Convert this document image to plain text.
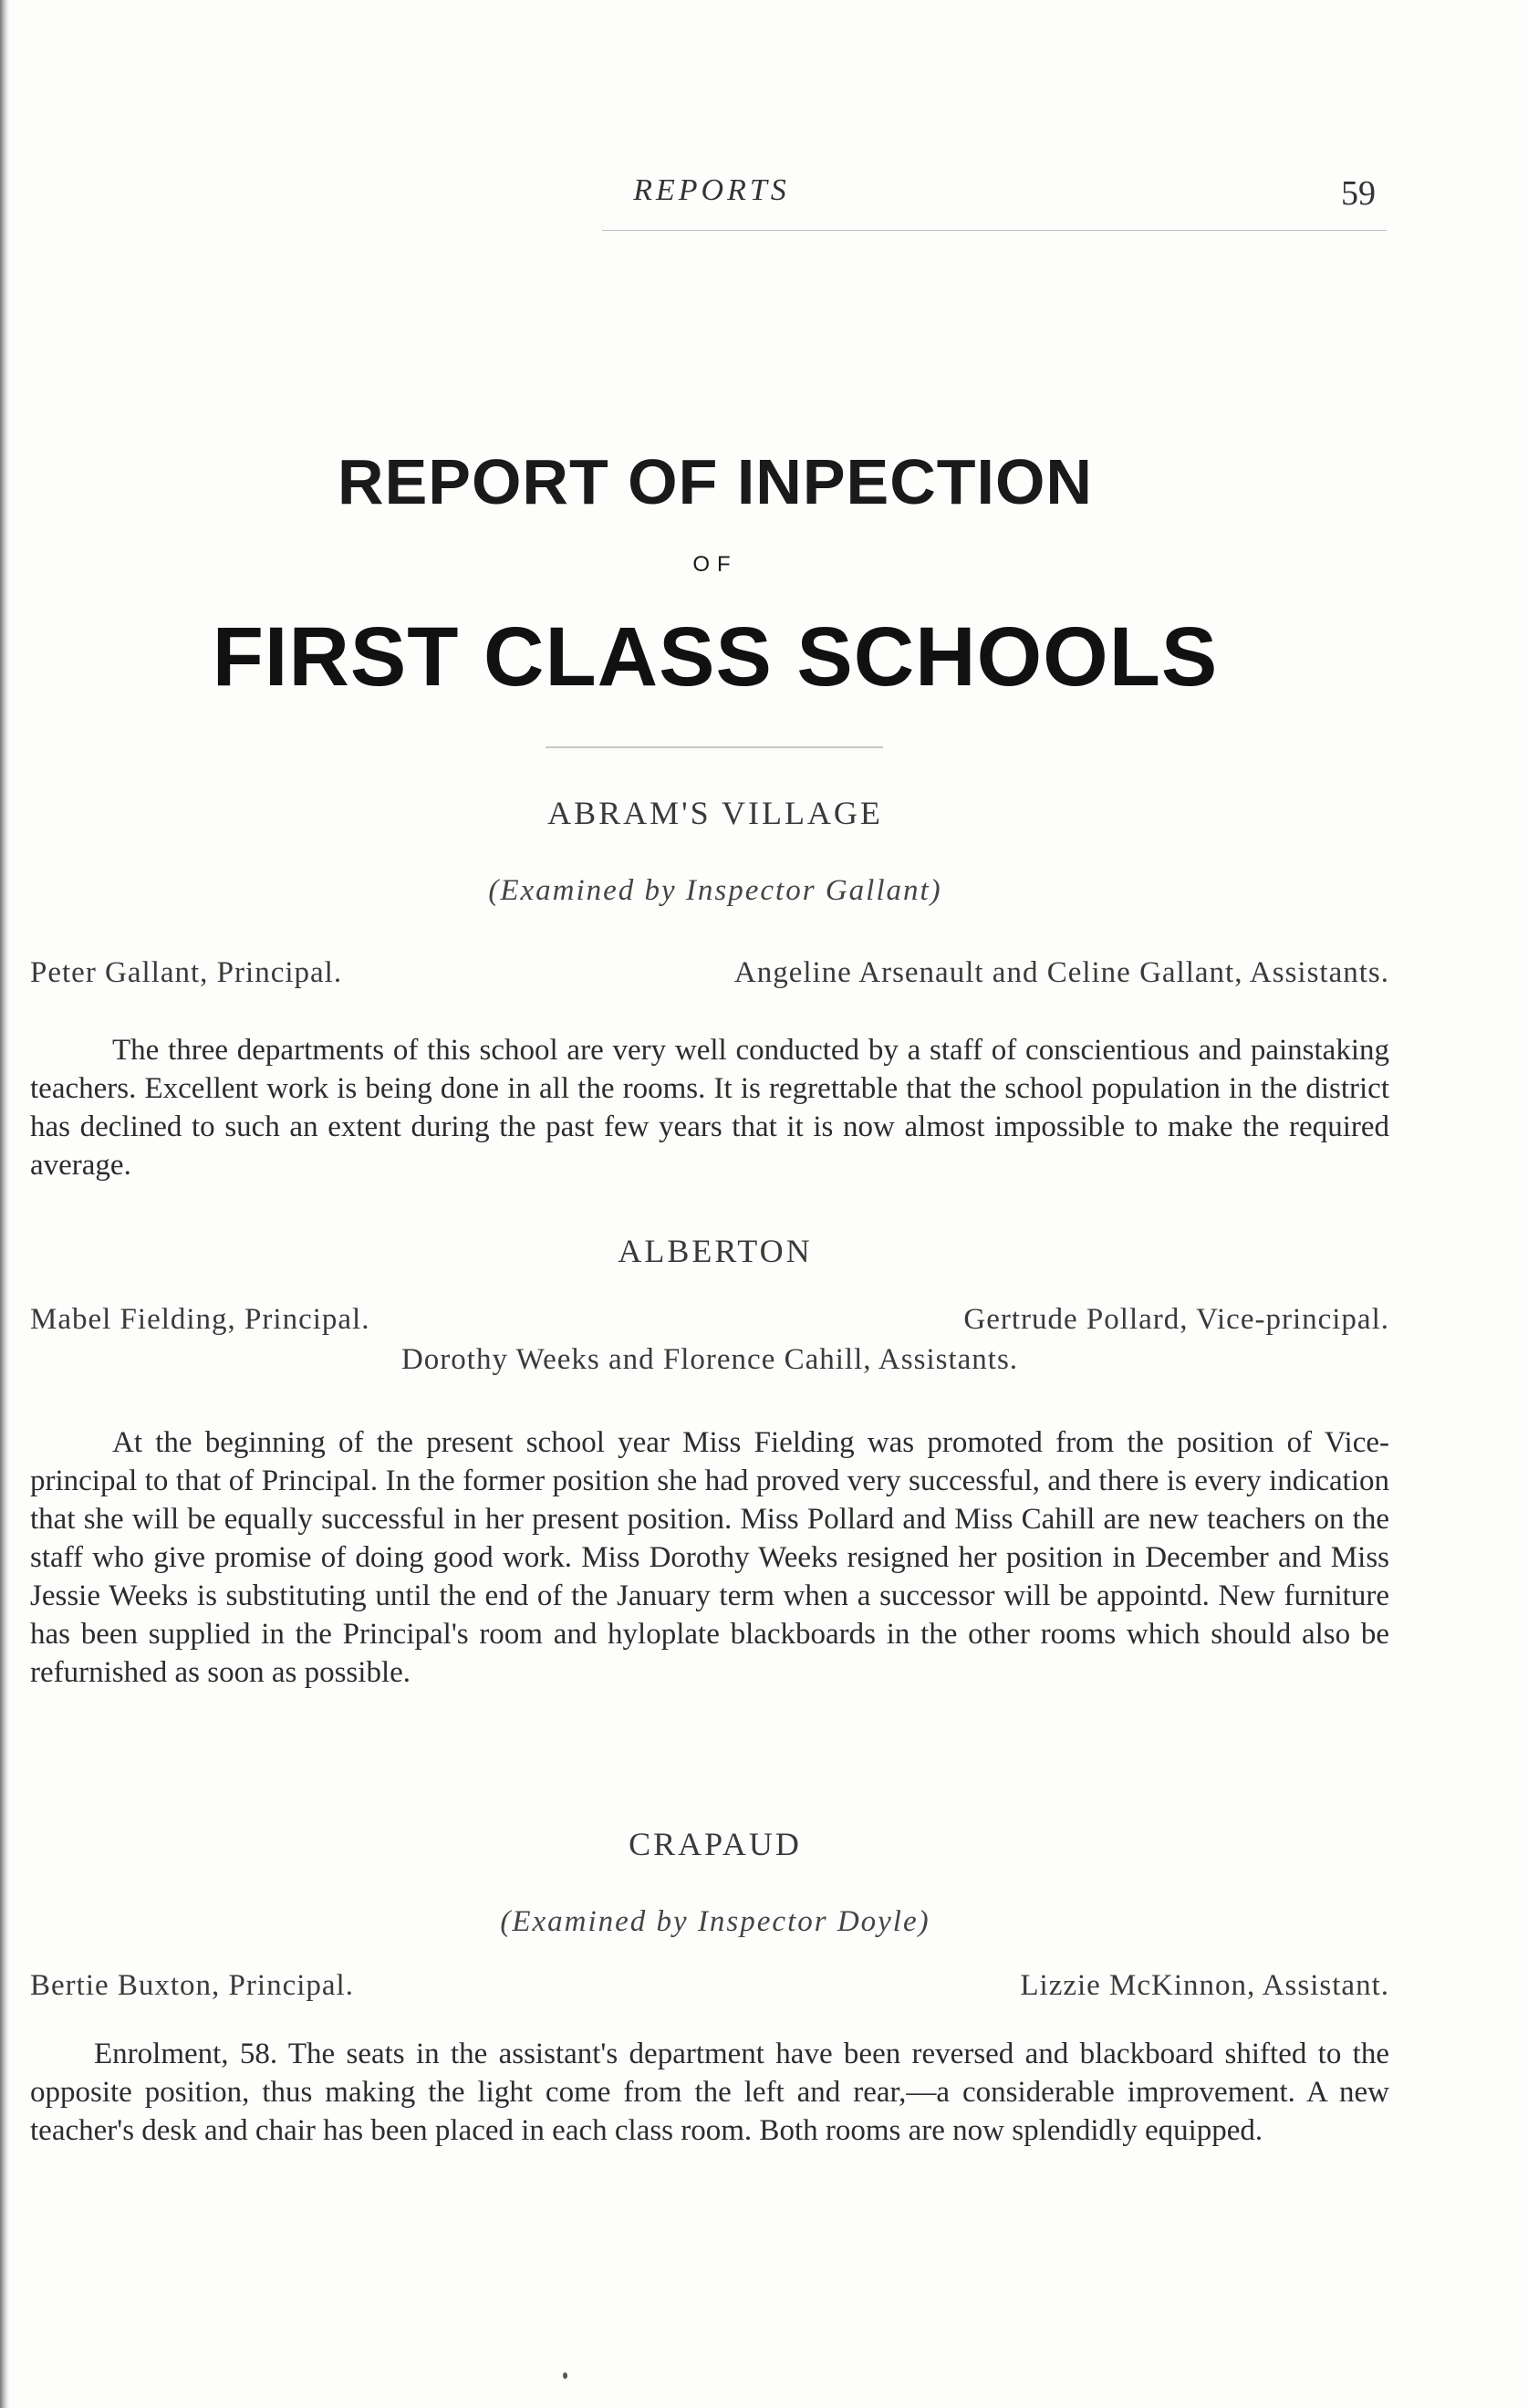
REPORTS	59
REPORT OF INPECTION
OF
FIRST CLASS SCHOOLS
ABRAM'S VILLAGE
(Examined by Inspector Gallant)
Peter Gallant, Principal.	Angeline Arsenault and Celine Gallant, Assistants.

The three departments of this school are very well conducted by a staff of conscientious and painstaking teachers. Excellent work is being done in all the rooms. It is regrettable that the school population in the district has declined to such an extent during the past few years that it is now almost impossible to make the required average.

ALBERTON
Mabel Fielding, Principal.	Gertrude Pollard, Vice-principal.
Dorothy Weeks and Florence Cahill, Assistants.

At the beginning of the present school year Miss Fielding was promoted from the position of Vice-principal to that of Principal. In the former position she had proved very successful, and there is every indication that she will be equally successful in her present position. Miss Pollard and Miss Cahill are new teachers on the staff who give promise of doing good work. Miss Dorothy Weeks resigned her position in December and Miss Jessie Weeks is substituting until the end of the January term when a successor will be appointd. New furniture has been supplied in the Principal's room and hyloplate blackboards in the other rooms which should also be refurnished as soon as possible.

CRAPAUD
(Examined by Inspector Doyle)
Bertie Buxton, Principal.	Lizzie McKinnon, Assistant.

Enrolment, 58. The seats in the assistant's department have been reversed and blackboard shifted to the opposite position, thus making the light come from the left and rear,—a considerable improvement. A new teacher's desk and chair has been placed in each class room. Both rooms are now splendidly equipped.
